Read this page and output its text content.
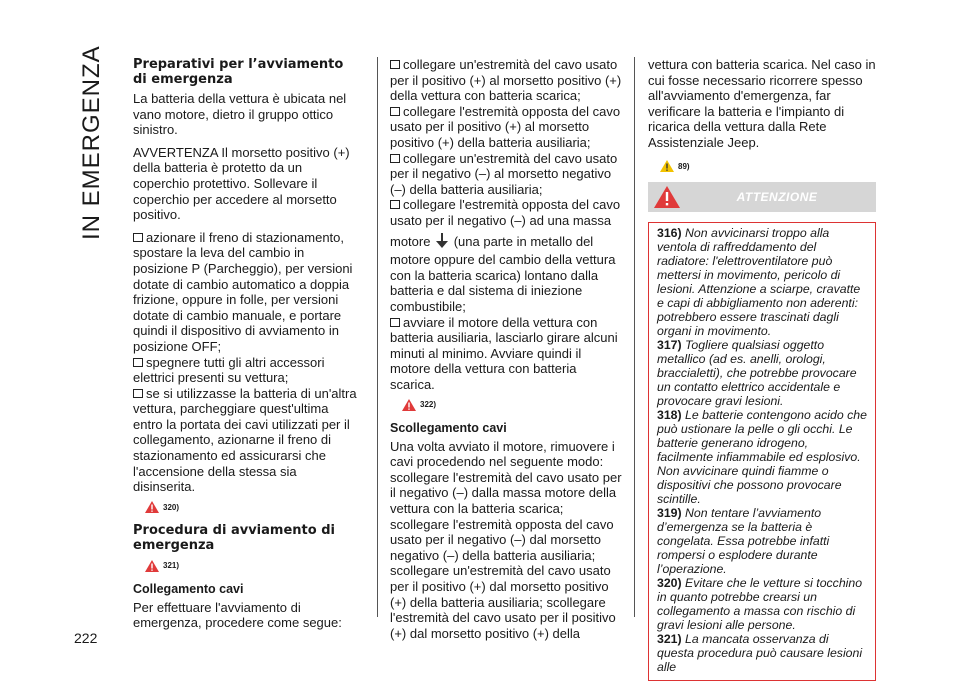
IN EMERGENZA
222
Preparativi per l’avviamento di emergenza

La batteria della vettura è ubicata nel vano motore, dietro il gruppo ottico sinistro.

AVVERTENZA Il morsetto positivo (+) della batteria è protetto da un coperchio protettivo. Sollevare il coperchio per accedere al morsetto positivo.

azionare il freno di stazionamento, spostare la leva del cambio in posizione P (Parcheggio), per versioni dotate di cambio automatico a doppia frizione, oppure in folle, per versioni dotate di cambio manuale, e portare quindi il dispositivo di avviamento in posizione OFF;
spegnere tutti gli altri accessori elettrici presenti su vettura;
se si utilizzasse la batteria di un'altra vettura, parcheggiare quest'ultima entro la portata dei cavi utilizzati per il collegamento, azionarne il freno di stazionamento ed assicurarsi che l'accensione della stessa sia disinserita.
320)
Procedura di avviamento di emergenza
321)
Collegamento cavi

Per effettuare l'avviamento di emergenza, procedere come segue:

collegare un'estremità del cavo usato per il positivo (+) al morsetto positivo (+) della vettura con batteria scarica;
collegare l'estremità opposta del cavo usato per il positivo (+) al morsetto positivo (+) della batteria ausiliaria;
collegare un'estremità del cavo usato per il negativo (–) al morsetto negativo (–) della batteria ausiliaria;
collegare l'estremità opposta del cavo usato per il negativo (–) ad una massa
motore (una parte in metallo del motore oppure del cambio della vettura con la batteria scarica) lontano dalla batteria e dal sistema di iniezione combustibile;
avviare il motore della vettura con batteria ausiliaria, lasciarlo girare alcuni minuti al minimo. Avviare quindi il motore della vettura con batteria scarica.
322)
Scollegamento cavi

Una volta avviato il motore, rimuovere i cavi procedendo nel seguente modo: scollegare l'estremità del cavo usato per il negativo (–) dalla massa motore della vettura con la batteria scarica; scollegare l'estremità opposta del cavo usato per il negativo (–) dal morsetto negativo (–) della batteria ausiliaria; scollegare un'estremità del cavo usato per il positivo (+) dal morsetto positivo (+) della batteria ausiliaria; scollegare l'estremità del cavo usato per il positivo (+) dal morsetto positivo (+) della

vettura con batteria scarica. Nel caso in cui fosse necessario ricorrere spesso all'avviamento d'emergenza, far verificare la batteria e l'impianto di ricarica della vettura dalla Rete Assistenziale Jeep.

89)
ATTENZIONE

316) Non avvicinarsi troppo alla ventola di raffreddamento del radiatore: l'elettroventilatore può mettersi in movimento, pericolo di lesioni. Attenzione a sciarpe, cravatte e capi di abbigliamento non aderenti: potrebbero essere trascinati dagli organi in movimento.

317) Togliere qualsiasi oggetto metallico (ad es. anelli, orologi, braccialetti), che potrebbe provocare un contatto elettrico accidentale e provocare gravi lesioni.

318) Le batterie contengono acido che può ustionare la pelle o gli occhi. Le batterie generano idrogeno, facilmente infiammabile ed esplosivo. Non avvicinare quindi fiamme o dispositivi che possono provocare scintille.

319) Non tentare l’avviamento d’emergenza se la batteria è congelata. Essa potrebbe infatti rompersi o esplodere durante l’operazione.

320) Evitare che le vetture si tocchino in quanto potrebbe crearsi un collegamento a massa con rischio di gravi lesioni alle persone.

321) La mancata osservanza di questa procedura può causare lesioni alle
